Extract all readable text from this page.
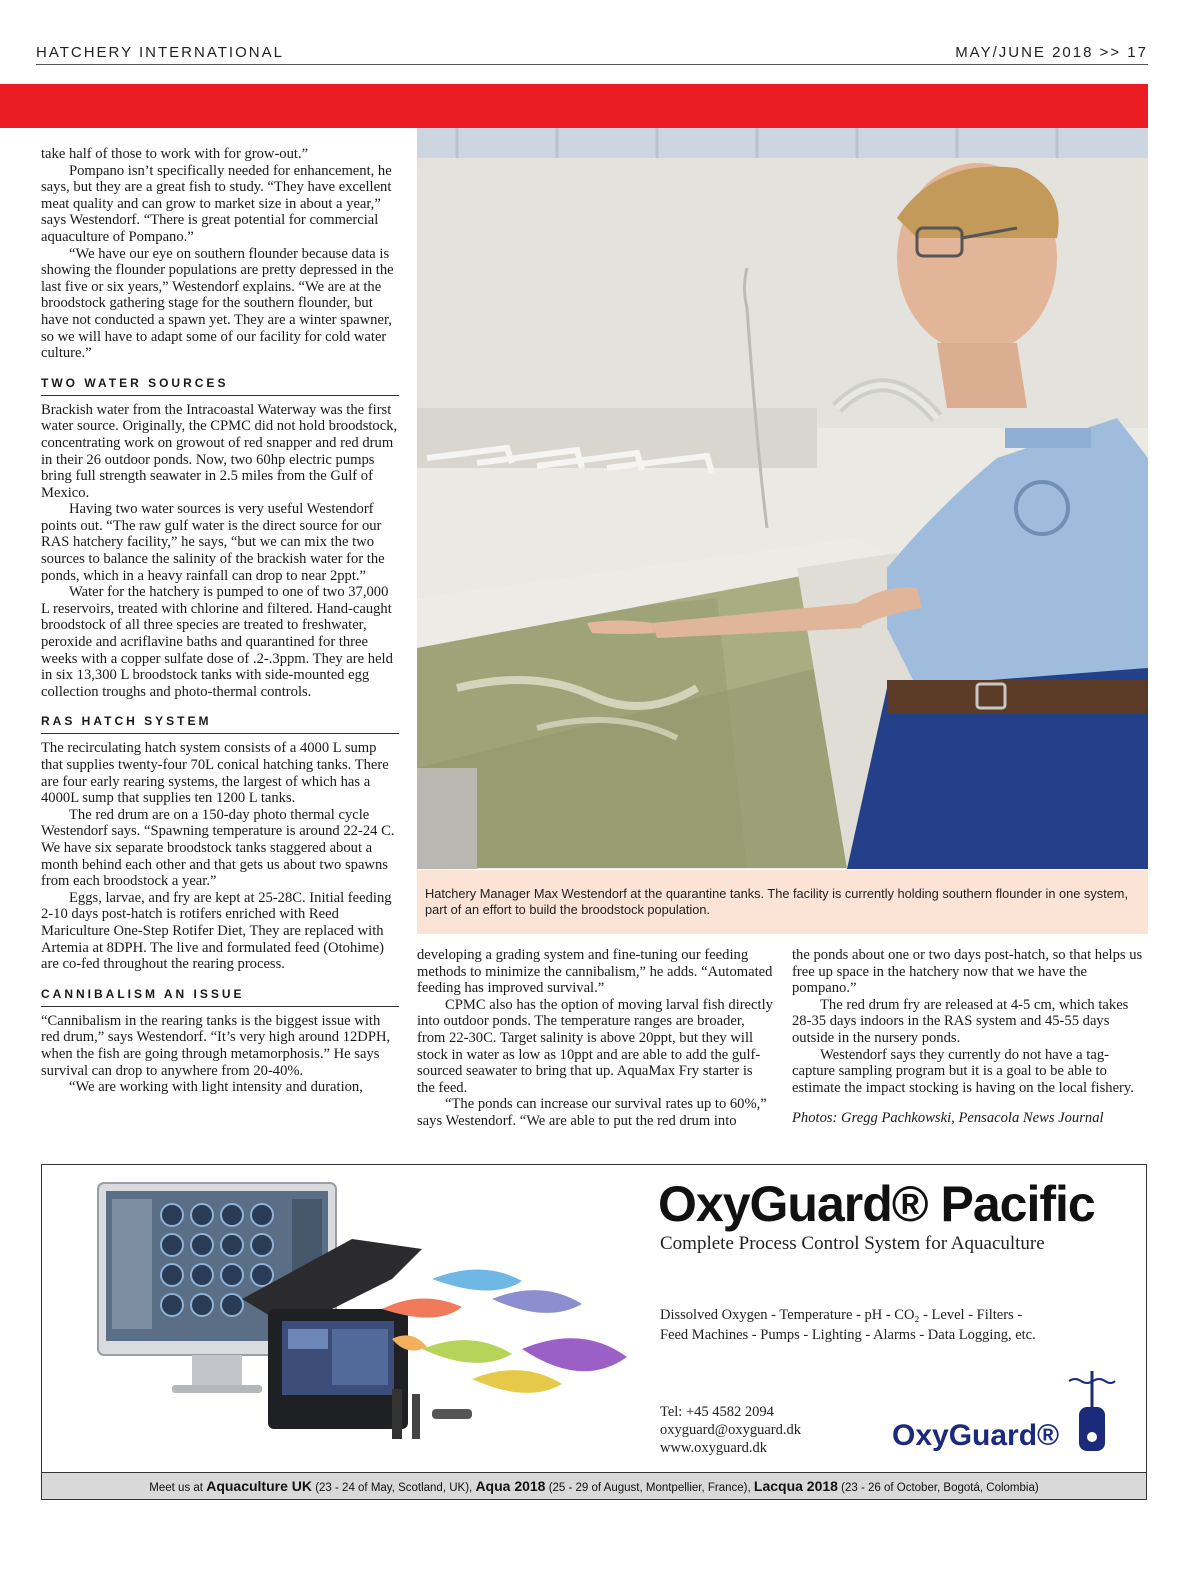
HATCHERY INTERNATIONAL	MAY/JUNE 2018 >> 17

take half of those to work with for grow-out.”

Pompano isn’t specifically needed for enhancement, he says, but they are a great fish to study. “They have excellent meat quality and can grow to market size in about a year,” says Westendorf. “There is great potential for commercial aquaculture of Pompano.”

“We have our eye on southern flounder because data is showing the flounder populations are pretty depressed in the last five or six years,” Westendorf explains. “We are at the broodstock gathering stage for the southern flounder, but have not conducted a spawn yet. They are a winter spawner, so we will have to adapt some of our facility for cold water culture.”

TWO WATER SOURCES

Brackish water from the Intracoastal Waterway was the first water source. Originally, the CPMC did not hold broodstock, concentrating work on growout of red snapper and red drum in their 26 outdoor ponds. Now, two 60hp electric pumps bring full strength seawater in 2.5 miles from the Gulf of Mexico.

Having two water sources is very useful Westendorf points out. “The raw gulf water is the direct source for our RAS hatchery facility,” he says, “but we can mix the two sources to balance the salinity of the brackish water for the ponds, which in a heavy rainfall can drop to near 2ppt.”

Water for the hatchery is pumped to one of two 37,000 L reservoirs, treated with chlorine and filtered. Hand-caught broodstock of all three species are treated to freshwater, peroxide and acriflavine baths and quarantined for three weeks with a copper sulfate dose of .2-.3ppm. They are held in six 13,300 L broodstock tanks with side-mounted egg collection troughs and photo-thermal controls.

RAS HATCH SYSTEM

The recirculating hatch system consists of a 4000 L sump that supplies twenty-four 70L conical hatching tanks. There are four early rearing systems, the largest of which has a 4000L sump that supplies ten 1200 L tanks.

The red drum are on a 150-day photo thermal cycle Westendorf says. “Spawning temperature is around 22-24 C. We have six separate broodstock tanks staggered about a month behind each other and that gets us about two spawns from each broodstock a year.”

Eggs, larvae, and fry are kept at 25-28C. Initial feeding 2-10 days post-hatch is rotifers enriched with Reed Mariculture One-Step Rotifer Diet, They are replaced with Artemia at 8DPH. The live and formulated feed (Otohime) are co-fed throughout the rearing process.

CANNIBALISM AN ISSUE

“Cannibalism in the rearing tanks is the biggest issue with red drum,” says Westendorf. “It’s very high around 12DPH, when the fish are going through metamorphosis.” He says survival can drop to anywhere from 20-40%.

“We are working with light intensity and duration,

Hatchery Manager Max Westendorf at the quarantine tanks. The facility is currently holding southern flounder in one system, part of an effort to build the broodstock population.

developing a grading system and fine-tuning our feeding methods to minimize the cannibalism,” he adds. “Automated feeding has improved survival.”

CPMC also has the option of moving larval fish directly into outdoor ponds. The temperature ranges are broader, from 22-30C. Target salinity is above 20ppt, but they will stock in water as low as 10ppt and are able to add the gulf-sourced seawater to bring that up. AquaMax Fry starter is the feed.

“The ponds can increase our survival rates up to 60%,” says Westendorf. “We are able to put the red drum into

the ponds about one or two days post-hatch, so that helps us free up space in the hatchery now that we have the pompano.”

The red drum fry are released at 4-5 cm, which takes 28-35 days indoors in the RAS system and 45-55 days outside in the nursery ponds.

Westendorf says they currently do not have a tag-capture sampling program but it is a goal to be able to estimate the impact stocking is having on the local fishery.

Photos: Gregg Pachkowski, Pensacola News Journal

OxyGuard® Pacific
Complete Process Control System for Aquaculture
Dissolved Oxygen - Temperature - pH - CO₂ - Level - Filters -
Feed Machines - Pumps - Lighting - Alarms - Data Logging, etc.
Tel: +45 4582 2094
oxyguard@oxyguard.dk
www.oxyguard.dk	OxyGuard®
Meet us at Aquaculture UK (23 - 24 of May, Scotland, UK), Aqua 2018 (25 - 29 of August, Montpellier, France), Lacqua 2018 (23 - 26 of October, Bogotá, Colombia)
